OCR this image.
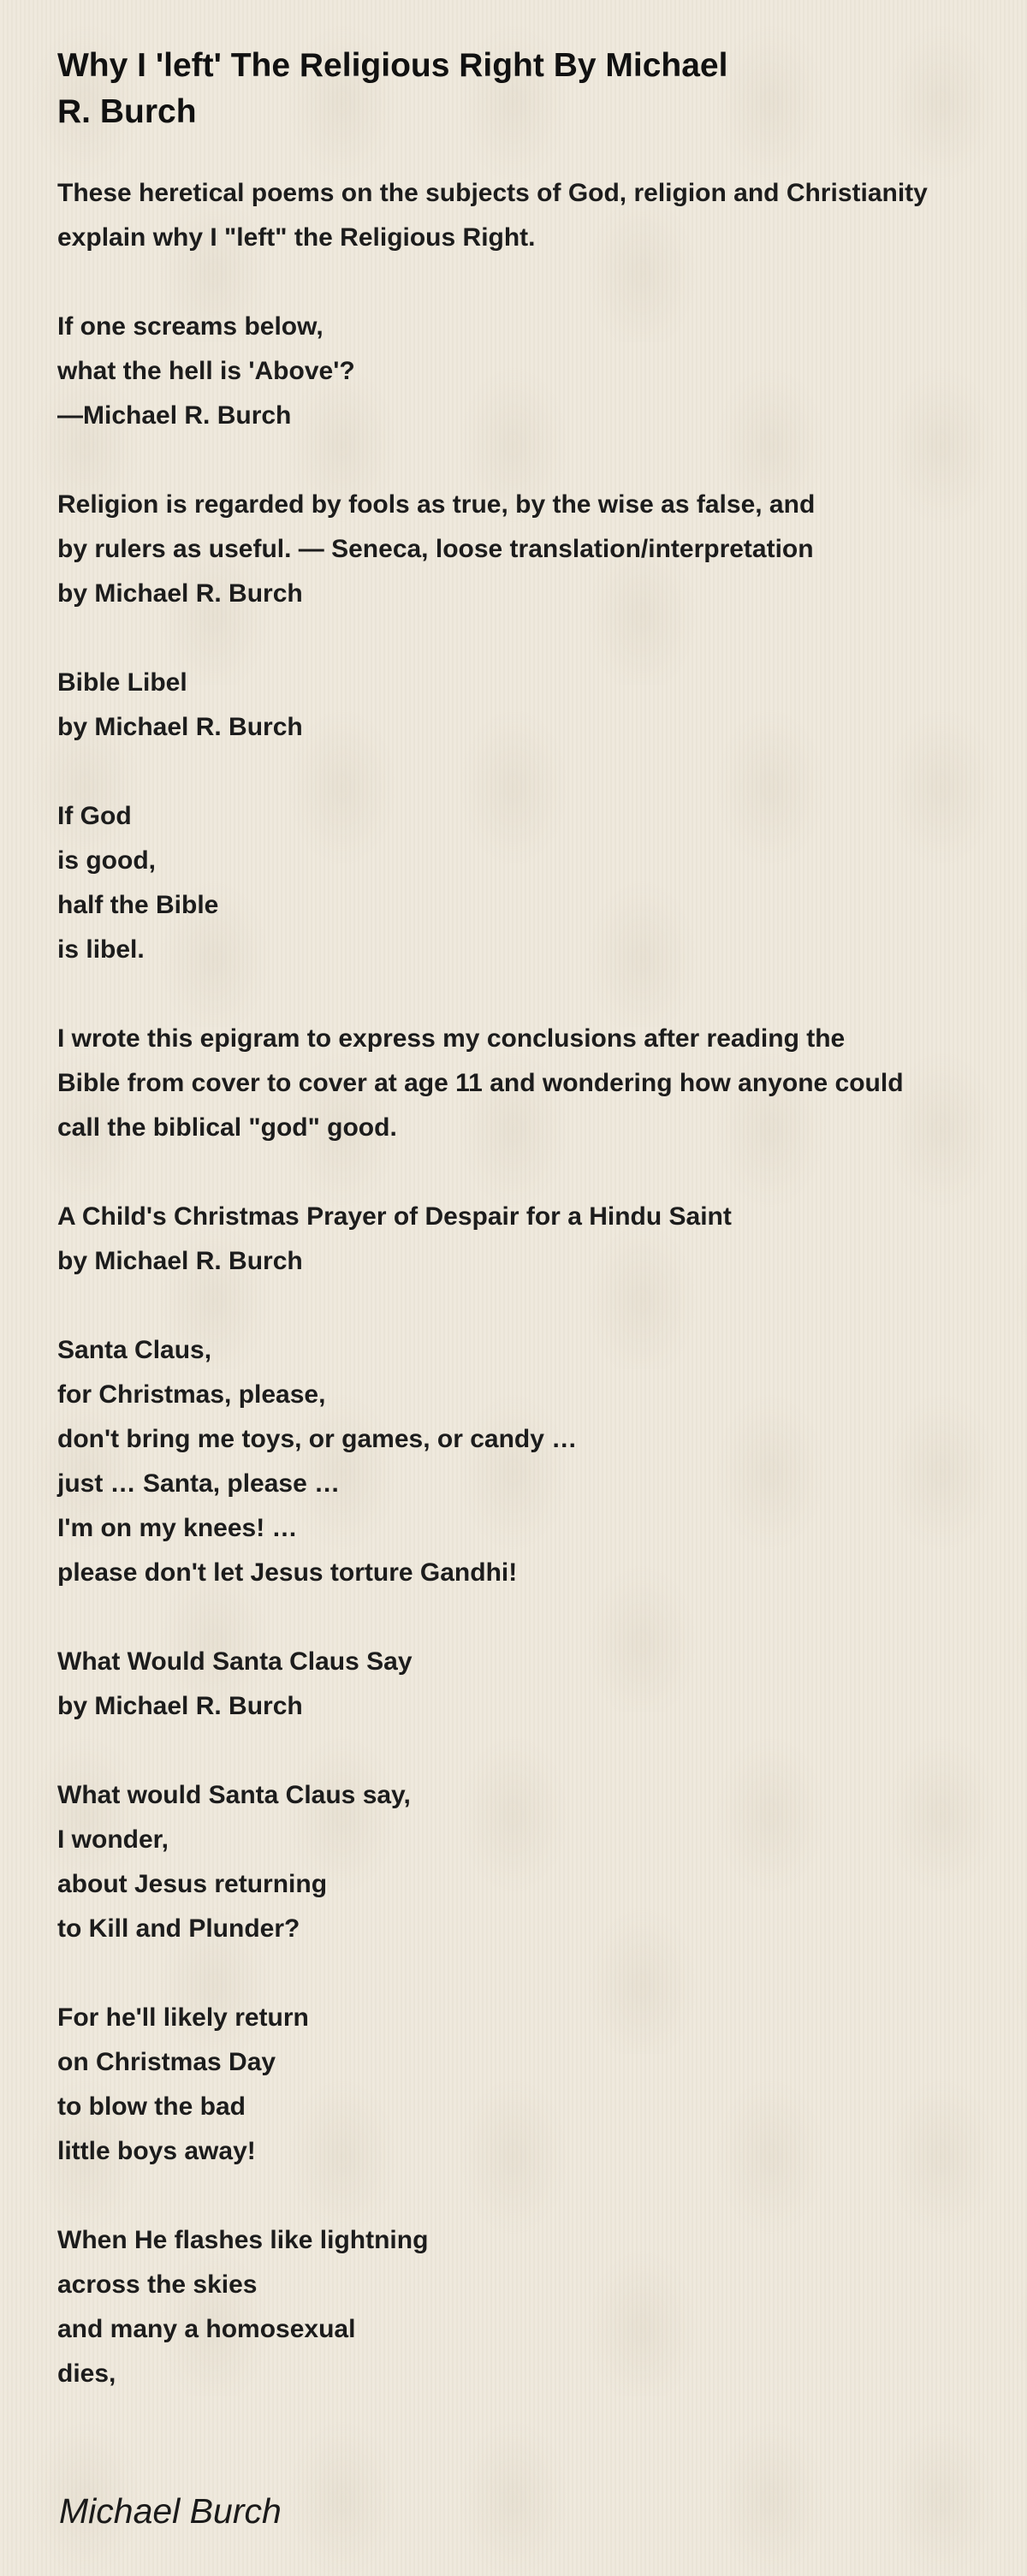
Why I 'left' The Religious Right By Michael
R. Burch
These heretical poems on the subjects of God, religion and Christianity
explain why I "left" the Religious Right.
If one screams below,
what the hell is 'Above'?
—Michael R. Burch
Religion is regarded by fools as true, by the wise as false, and
by rulers as useful. — Seneca, loose translation/interpretation
by Michael R. Burch
Bible Libel
by Michael R. Burch
If God
is good,
half the Bible
is libel.
I wrote this epigram to express my conclusions after reading the
Bible from cover to cover at age 11 and wondering how anyone could
call the biblical "god" good.
A Child's Christmas Prayer of Despair for a Hindu Saint
by Michael R. Burch
Santa Claus,
for Christmas, please,
don't bring me toys, or games, or candy …
just … Santa, please …
I'm on my knees! …
please don't let Jesus torture Gandhi!
What Would Santa Claus Say
by Michael R. Burch
What would Santa Claus say,
I wonder,
about Jesus returning
to Kill and Plunder?
For he'll likely return
on Christmas Day
to blow the bad
little boys away!
When He flashes like lightning
across the skies
and many a homosexual
dies,

Michael Burch
